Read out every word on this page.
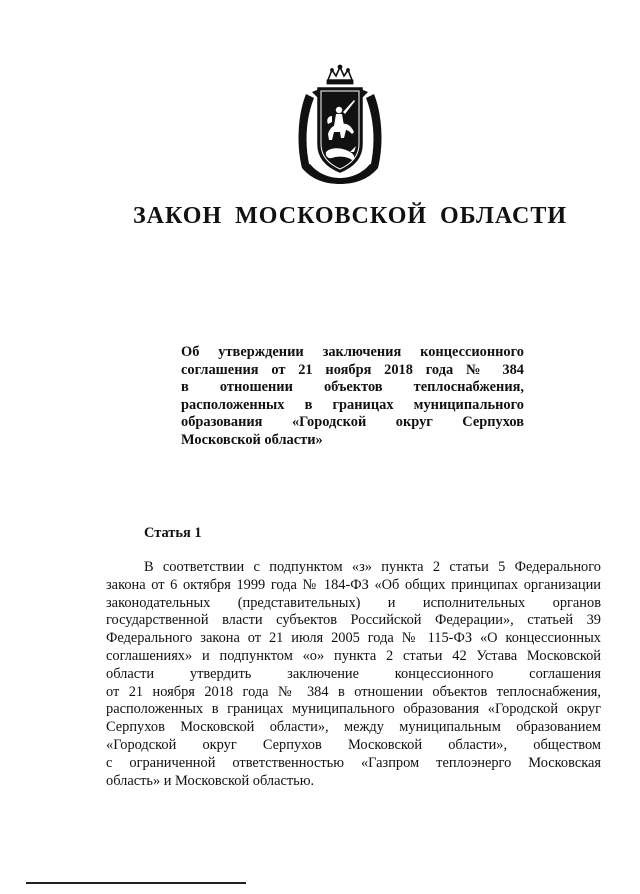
ЗАКОН МОСКОВСКОЙ ОБЛАСТИ
Об утверждении заключения концессионного
соглашения от 21 ноября 2018 года № 384
в отношении объектов теплоснабжения,
расположенных в границах муниципального
образования «Городской округ Серпухов
Московской области»
Статья 1
В соответствии с подпунктом «з» пункта 2 статьи 5 Федерального
закона от 6 октября 1999 года № 184-ФЗ «Об общих принципах организации
законодательных (представительных) и исполнительных органов
государственной власти субъектов Российской Федерации», статьей 39
Федерального закона от 21 июля 2005 года № 115-ФЗ «О концессионных
соглашениях» и подпунктом «о» пункта 2 статьи 42 Устава Московской
области утвердить заключение концессионного соглашения
от 21 ноября 2018 года № 384 в отношении объектов теплоснабжения,
расположенных в границах муниципального образования «Городской округ
Серпухов Московской области», между муниципальным образованием
«Городской округ Серпухов Московской области», обществом
с ограниченной ответственностью «Газпром теплоэнерго Московская
область» и Московской областью.
